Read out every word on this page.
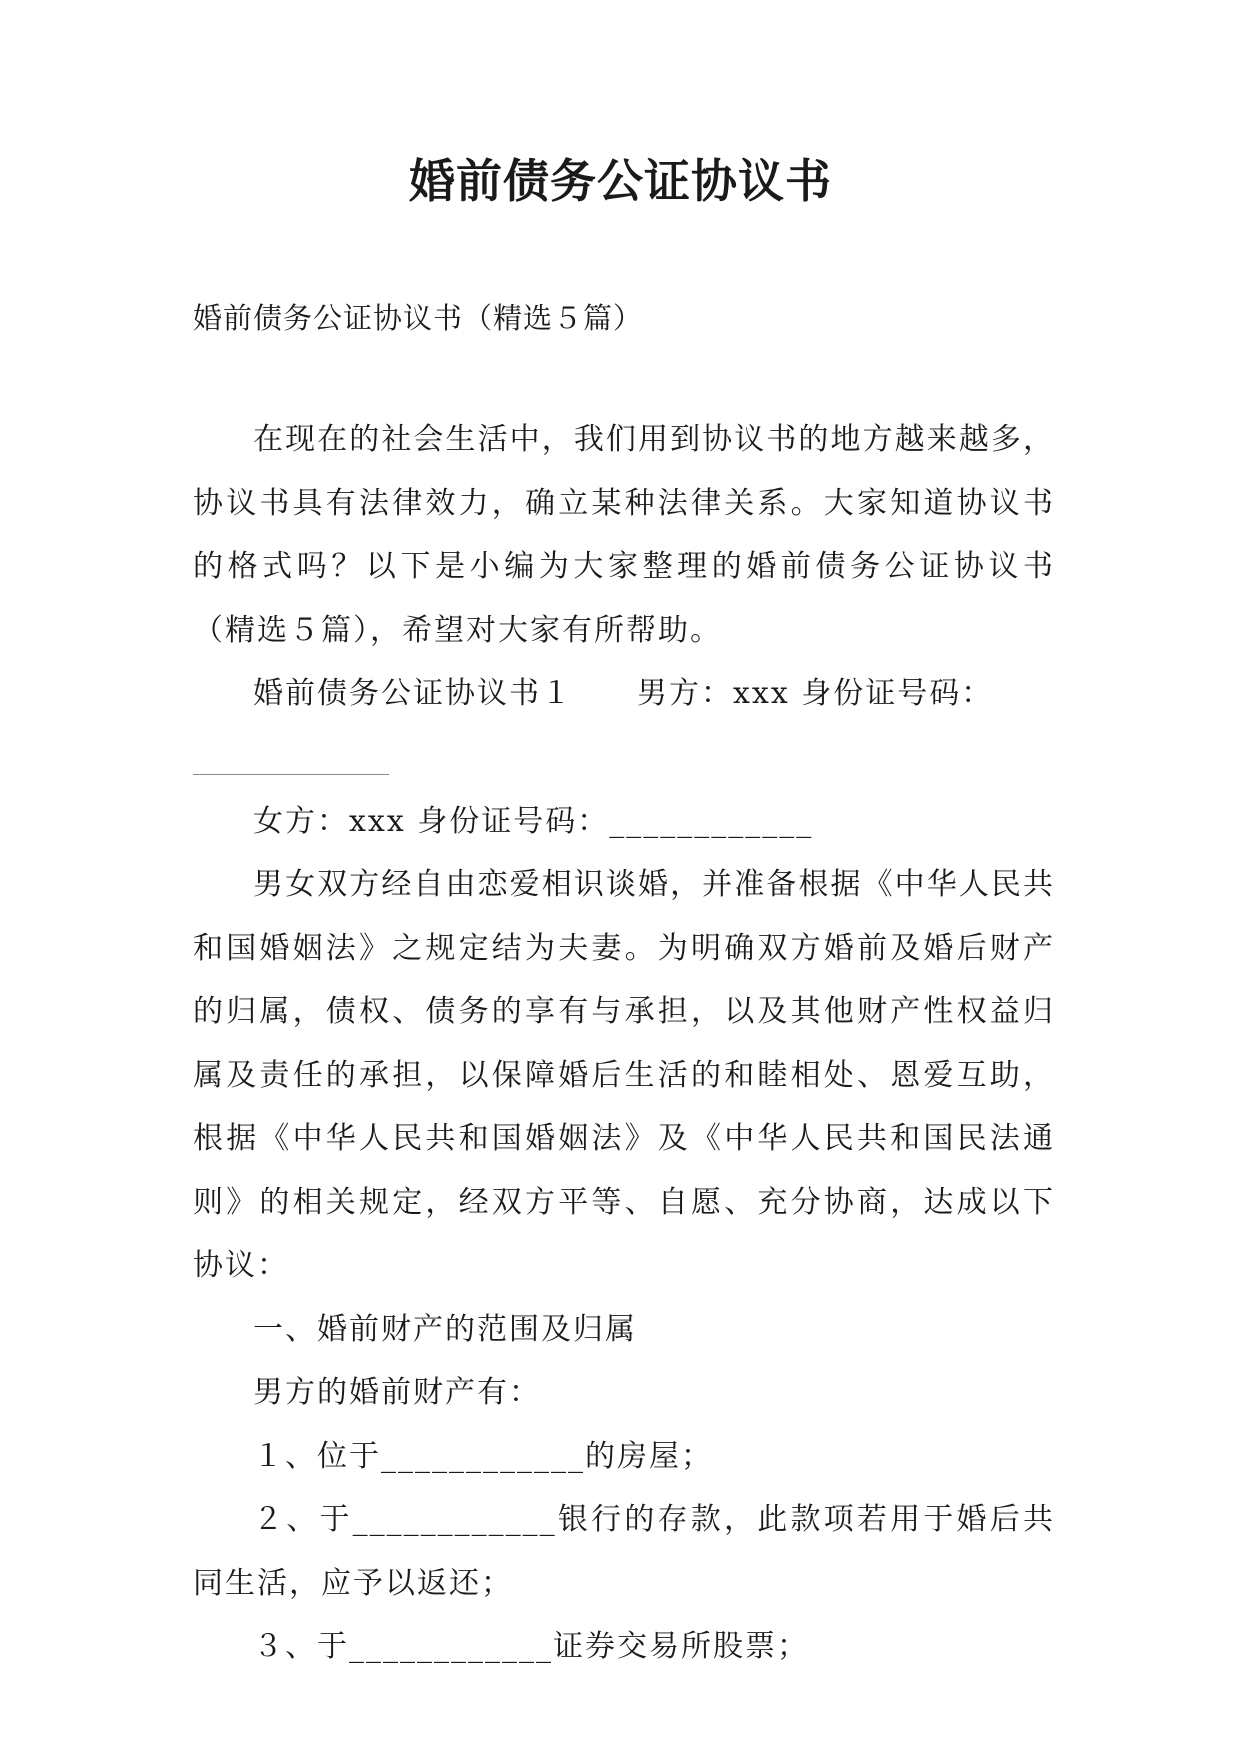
婚前债务公证协议书

婚前债务公证协议书（精选５篇）

在现在的社会生活中，我们用到协议书的地方越来越多，协议书具有法律效力，确立某种法律关系。大家知道协议书的格式吗？以下是小编为大家整理的婚前债务公证协议书（精选５篇），希望对大家有所帮助。

婚前债务公证协议书１　　男方：xxx 身份证号码：

女方：xxx 身份证号码：____________

男女双方经自由恋爱相识谈婚，并准备根据《中华人民共和国婚姻法》之规定结为夫妻。为明确双方婚前及婚后财产的归属，债权、债务的享有与承担，以及其他财产性权益归属及责任的承担，以保障婚后生活的和睦相处、恩爱互助，根据《中华人民共和国婚姻法》及《中华人民共和国民法通则》的相关规定，经双方平等、自愿、充分协商，达成以下协议：

一、婚前财产的范围及归属

男方的婚前财产有：

１、位于____________的房屋；

２、于____________银行的存款，此款项若用于婚后共同生活，应予以返还；

３、于____________证券交易所股票；
